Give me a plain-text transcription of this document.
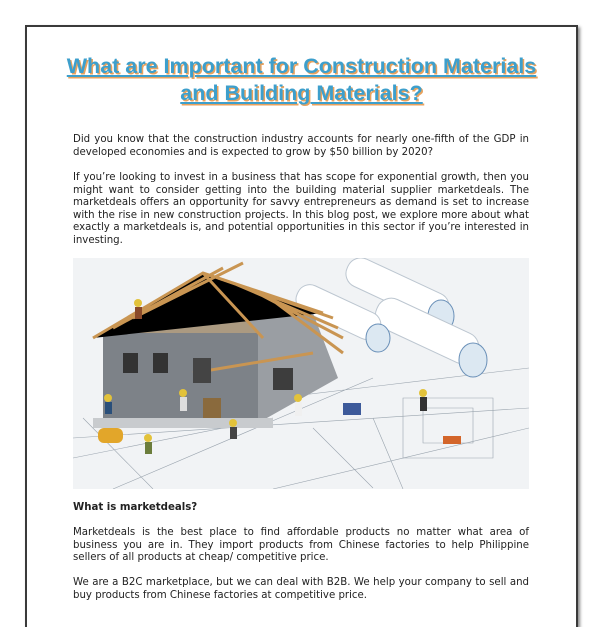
What are Important for Construction Materials
and Building Materials?

Did you know that the construction industry accounts for nearly one-fifth of the GDP in developed economies and is expected to grow by $50 billion by 2020?

If you’re looking to invest in a business that has scope for exponential growth, then you might want to consider getting into the building material supplier marketdeals. The marketdeals offers an opportunity for savvy entrepreneurs as demand is set to increase with the rise in new construction projects. In this blog post, we explore more about what exactly a marketdeals is, and potential opportunities in this sector if you’re interested in investing.

What is marketdeals?

Marketdeals is the best place to find affordable products no matter what area of business you are in. They import products from Chinese factories to help Philippine sellers of all products at cheap/ competitive price.

We are a B2C marketplace, but we can deal with B2B. We help your company to sell and buy products from Chinese factories at competitive price.
